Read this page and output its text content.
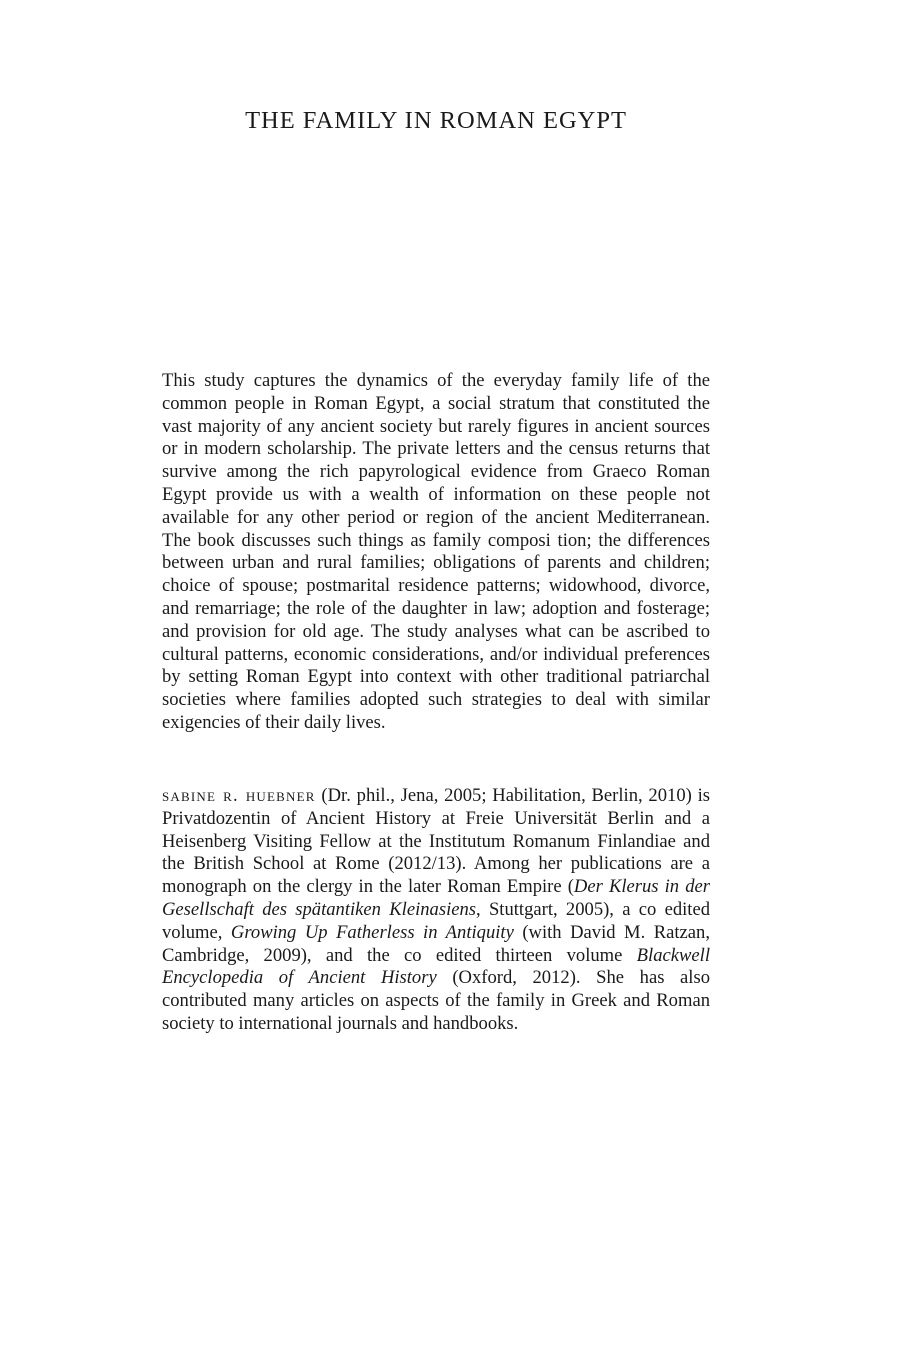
THE FAMILY IN ROMAN EGYPT

This study captures the dynamics of the everyday family life of the common people in Roman Egypt, a social stratum that constituted the vast majority of any ancient society but rarely figures in ancient sources or in modern scholarship. The private letters and the census returns that survive among the rich papyrological evidence from Graeco Roman Egypt provide us with a wealth of information on these people not available for any other period or region of the ancient Mediterranean. The book discusses such things as family composi tion; the differences between urban and rural families; obligations of parents and children; choice of spouse; postmarital residence patterns; widowhood, divorce, and remarriage; the role of the daughter in law; adoption and fosterage; and provision for old age. The study analyses what can be ascribed to cultural patterns, economic considerations, and/or individual preferences by setting Roman Egypt into context with other traditional patriarchal societies where families adopted such strategies to deal with similar exigencies of their daily lives.

sabine r. huebner (Dr. phil., Jena, 2005; Habilitation, Berlin, 2010) is Privatdozentin of Ancient History at Freie Universität Berlin and a Heisenberg Visiting Fellow at the Institutum Romanum Finlandiae and the British School at Rome (2012/13). Among her publications are a monograph on the clergy in the later Roman Empire (Der Klerus in der Gesellschaft des spätantiken Kleinasiens, Stuttgart, 2005), a co edited volume, Growing Up Fatherless in Antiquity (with David M. Ratzan, Cambridge, 2009), and the co edited thirteen volume Blackwell Encyclopedia of Ancient History (Oxford, 2012). She has also contributed many articles on aspects of the family in Greek and Roman society to international journals and handbooks.
